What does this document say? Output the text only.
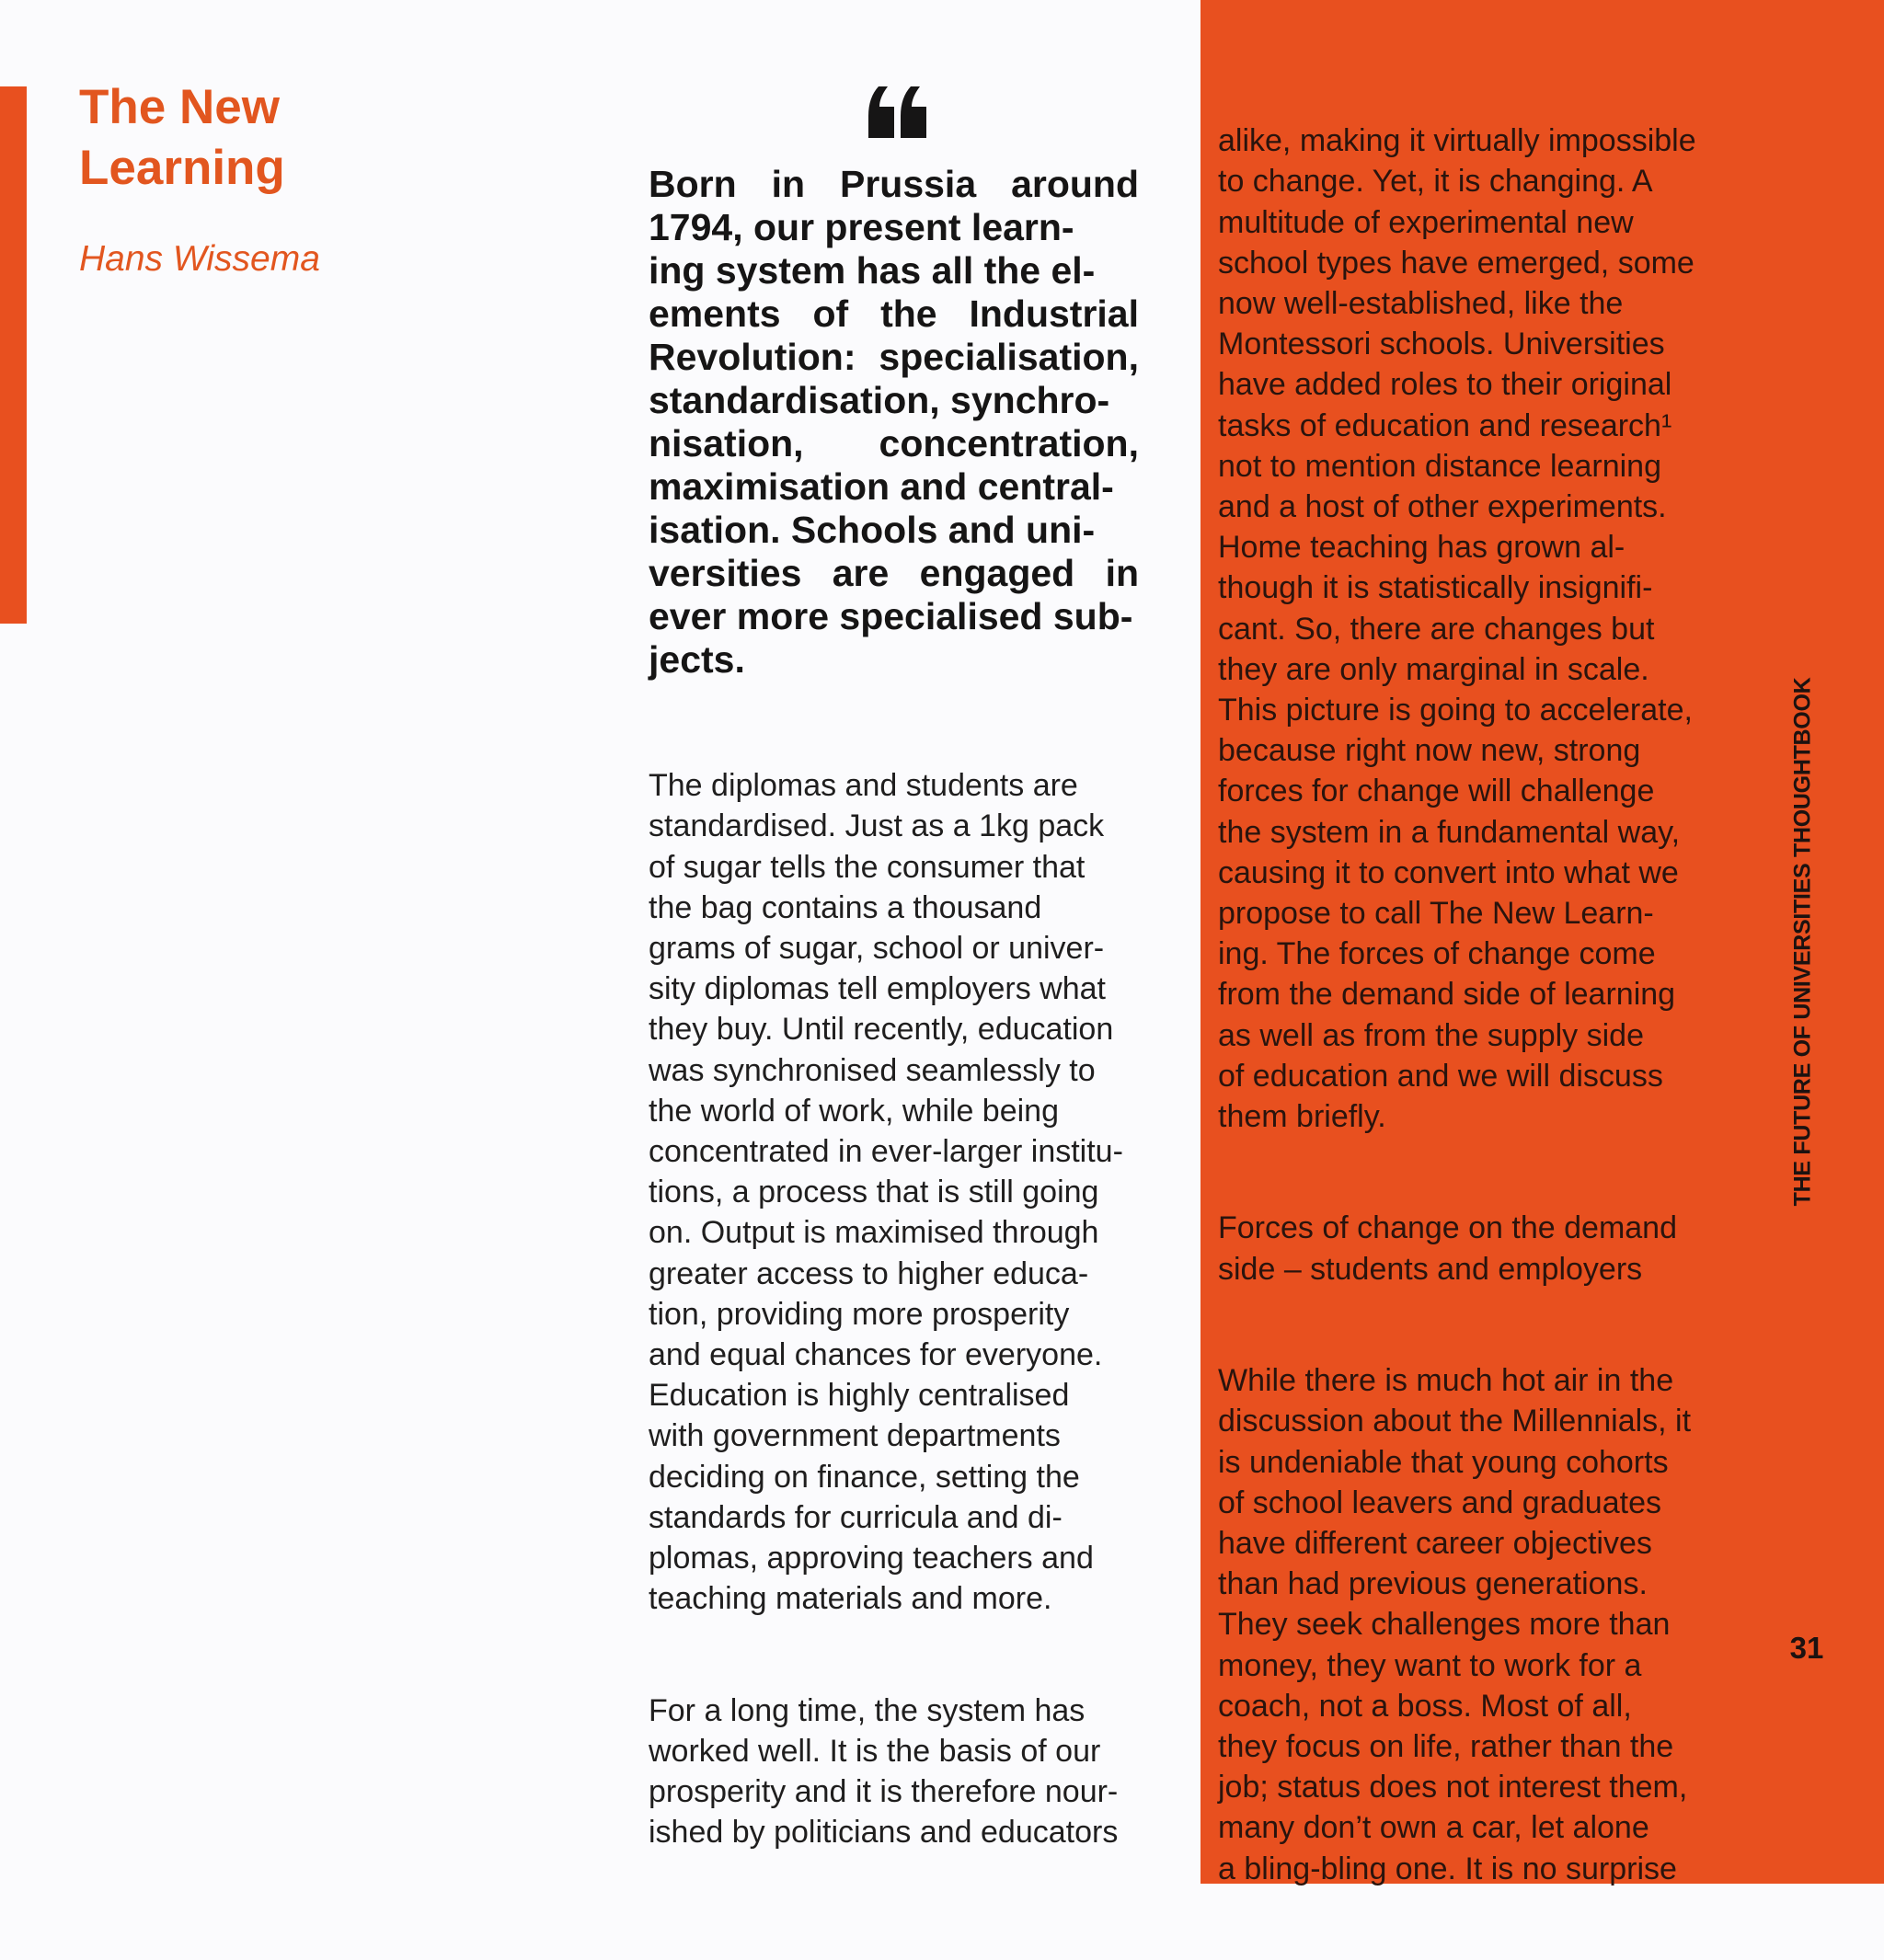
The New
Learning
Hans Wissema

Born in Prussia around 1794, our present learn-
ing system has all the el-
ements of the Industrial Revolution: specialisation, standardisation, synchro-
nisation, concentration, maximisation and central-
isation. Schools and uni-
versities are engaged in ever more specialised sub-
jects.

The diplomas and students are
standardised. Just as a 1kg pack
of sugar tells the consumer that
the bag contains a thousand
grams of sugar, school or univer-
sity diplomas tell employers what
they buy. Until recently, education
was synchronised seamlessly to
the world of work, while being
concentrated in ever-larger institu-
tions, a process that is still going
on. Output is maximised through
greater access to higher educa-
tion, providing more prosperity
and equal chances for everyone.
Education is highly centralised
with government departments
deciding on finance, setting the
standards for curricula and di-
plomas, approving teachers and
teaching materials and more.

For a long time, the system has
worked well. It is the basis of our
prosperity and it is therefore nour-
ished by politicians and educators

alike, making it virtually impossible
to change. Yet, it is changing. A
multitude of experimental new
school types have emerged, some
now well-established, like the
Montessori schools. Universities
have added roles to their original
tasks of education and research¹
not to mention distance learning
and a host of other experiments.
Home teaching has grown al-
though it is statistically insignifi-
cant. So, there are changes but
they are only marginal in scale.
This picture is going to accelerate,
because right now new, strong
forces for change will challenge
the system in a fundamental way,
causing it to convert into what we
propose to call The New Learn-
ing. The forces of change come
from the demand side of learning
as well as from the supply side
of education and we will discuss
them briefly.

Forces of change on the demand
side – students and employers

While there is much hot air in the
discussion about the Millennials, it
is undeniable that young cohorts
of school leavers and graduates
have different career objectives
than had previous generations.
They seek challenges more than
money, they want to work for a
coach, not a boss. Most of all,
they focus on life, rather than the
job; status does not interest them,
many don’t own a car, let alone
a bling-bling one. It is no surprise

THE FUTURE OF UNIVERSITIES THOUGHTBOOK
31
